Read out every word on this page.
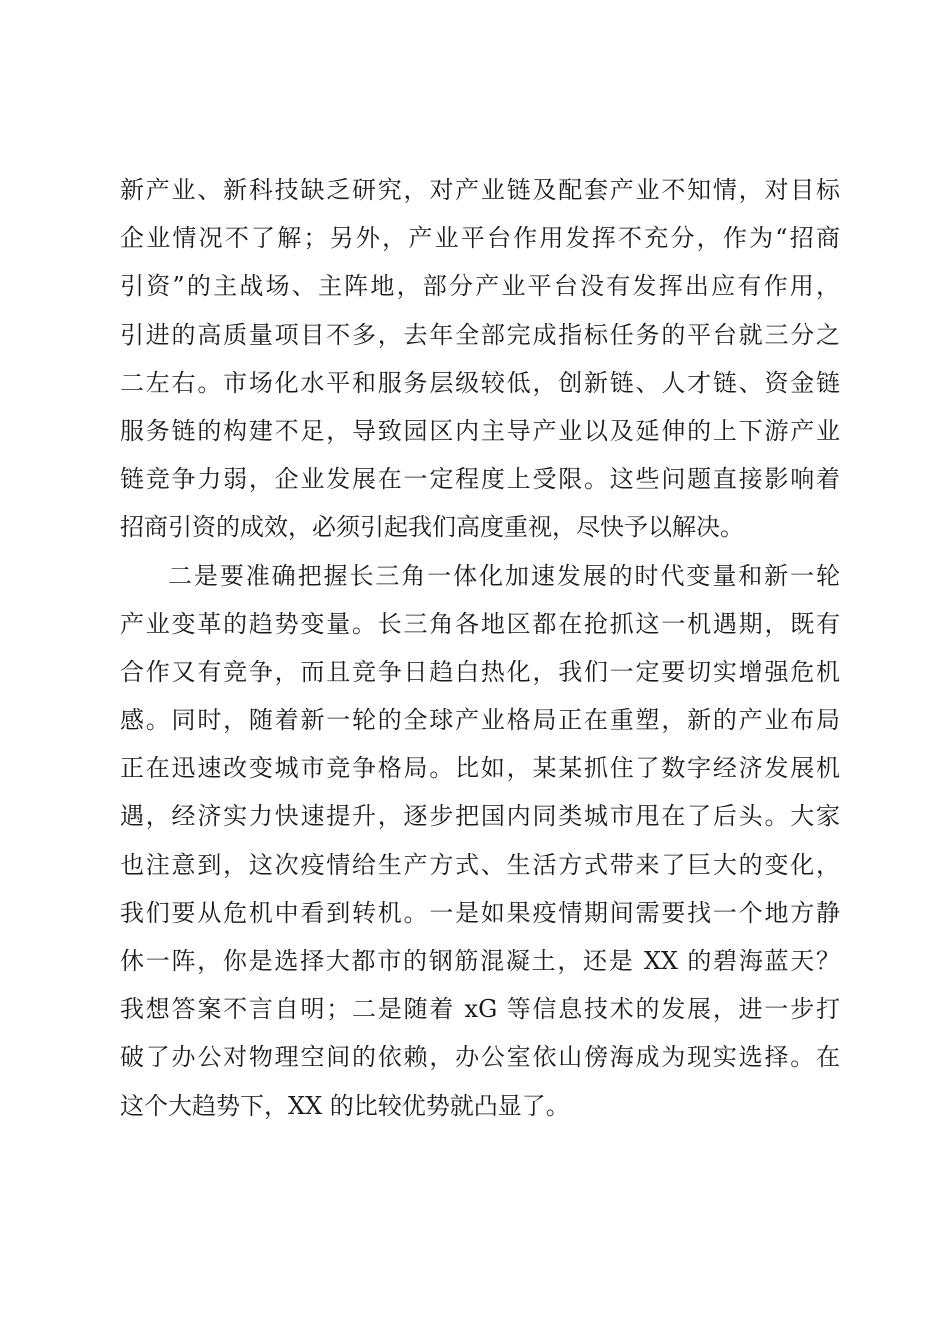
新产业、新科技缺乏研究，对产业链及配套产业不知情，对目标
企业情况不了解；另外，产业平台作用发挥不充分，作为“招商
引资”的主战场、主阵地，部分产业平台没有发挥出应有作用，
引进的高质量项目不多，去年全部完成指标任务的平台就三分之
二左右。市场化水平和服务层级较低，创新链、人才链、资金链
服务链的构建不足，导致园区内主导产业以及延伸的上下游产业
链竞争力弱，企业发展在一定程度上受限。这些问题直接影响着
招商引资的成效，必须引起我们高度重视，尽快予以解决。
二是要准确把握长三角一体化加速发展的时代变量和新一轮
产业变革的趋势变量。长三角各地区都在抢抓这一机遇期，既有
合作又有竞争，而且竞争日趋白热化，我们一定要切实增强危机
感。同时，随着新一轮的全球产业格局正在重塑，新的产业布局
正在迅速改变城市竞争格局。比如，某某抓住了数字经济发展机
遇，经济实力快速提升，逐步把国内同类城市甩在了后头。大家
也注意到，这次疫情给生产方式、生活方式带来了巨大的变化，
我们要从危机中看到转机。一是如果疫情期间需要找一个地方静
休一阵，你是选择大都市的钢筋混凝土，还是 XX 的碧海蓝天？
我想答案不言自明；二是随着 xG 等信息技术的发展，进一步打
破了办公对物理空间的依赖，办公室依山傍海成为现实选择。在
这个大趋势下，XX 的比较优势就凸显了。
